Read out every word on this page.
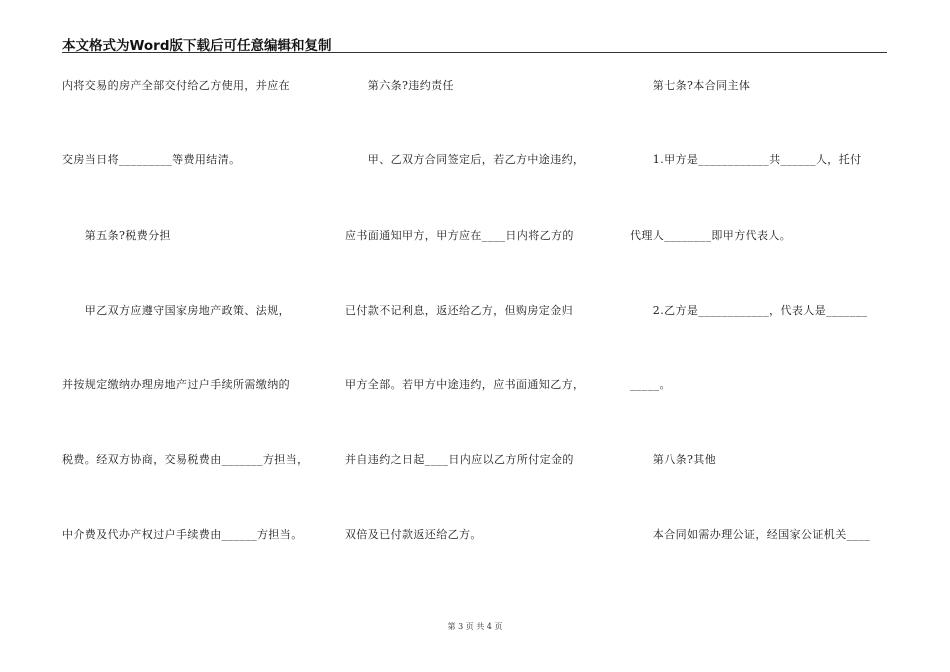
本文格式为Word版下载后可任意编辑和复制
内将交易的房产全部交付给乙方使用，并应在
交房当日将_________等费用结清。
　　第五条?税费分担
　　甲乙双方应遵守国家房地产政策、法规，
并按规定缴纳办理房地产过户手续所需缴纳的
税费。经双方协商，交易税费由_______方担当，
中介费及代办产权过户手续费由______方担当。
　　第六条?违约责任
　　甲、乙双方合同签定后，若乙方中途违约，
应书面通知甲方，甲方应在____日内将乙方的
已付款不记利息，返还给乙方，但购房定金归
甲方全部。若甲方中途违约，应书面通知乙方，
并自违约之日起____日内应以乙方所付定金的
双倍及已付款返还给乙方。
　　第七条?本合同主体
　　1.甲方是____________共______人，托付
代理人________即甲方代表人。
　　2.乙方是____________，代表人是_______
_____。
　　第八条?其他
　　本合同如需办理公证，经国家公证机关____
第 3 页 共 4 页
